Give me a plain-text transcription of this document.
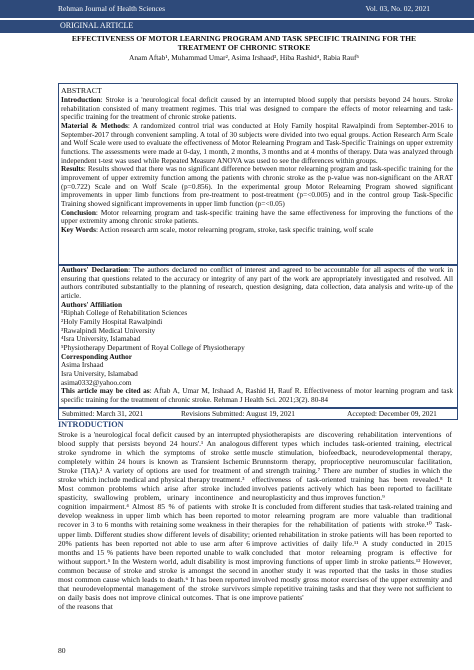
Rehman Journal of Health Sciences	Vol. 03, No. 02, 2021
ORIGINAL ARTICLE
EFFECTIVENESS OF MOTOR LEARNING PROGRAM AND TASK SPECIFIC TRAINING FOR THE TREATMENT OF CHRONIC STROKE
Anam Aftab¹, Muhammad Umar², Asima Irshaad³, Hiba Rashid⁴, Rabia Rauf⁵
ABSTRACT
Introduction: Stroke is a 'neurological focal deficit caused by an interrupted blood supply that persists beyond 24 hours. Stroke rehabilitation consisted of many treatment regimes. This trial was designed to compare the effects of motor relearning and task-specific training for the treatment of chronic stroke patients.
Material & Methods: A randomized control trial was conducted at Holy Family hospital Rawalpindi from September-2016 to September-2017 through convenient sampling. A total of 30 subjects were divided into two equal groups. Action Research Arm Scale and Wolf Scale were used to evaluate the effectiveness of Motor Relearning Program and Task-Specific Trainings on upper extremity functions. The assessments were made at 0-day, 1 month, 2 months, 3 months and at 4 months of therapy. Data was analyzed through independent t-test was used while Repeated Measure ANOVA was used to see the differences within groups.
Results: Results showed that there was no significant difference between motor relearning program and task-specific training for the improvement of upper extremity function among the patients with chronic stroke as the p-value was non-significant on the ARAT (p=0.722) Scale and on Wolf Scale (p=0.856). In the experimental group Motor Relearning Program showed significant improvements in upper limb functions from pre-treatment to post-treatment (p=<0.005) and in the control group Task-Specific Training showed significant improvements in upper limb function (p=<0.05)
Conclusion: Motor relearning program and task-specific training have the same effectiveness for improving the functions of the upper extremity among chronic stroke patients.
Key Words: Action research arm scale, motor relearning program, stroke, task specific training, wolf scale
Authors' Declaration: The authors declared no conflict of interest and agreed to be accountable for all aspects of the work in ensuring that questions related to the accuracy or integrity of any part of the work are appropriately investigated and resolved. All authors contributed substantially to the planning of research, question designing, data collection, data analysis and write-up of the article.
Authors' Affiliation
¹Riphah College of Rehabilitation Sciences
²Holy Family Hospital Rawalpindi
³Rawalpindi Medical University
⁴Isra University, Islamabad
⁵Physiotherapy Department of Royal College of Physiotherapy
Corresponding Author
Asima Irshaad
Isra University, Islamabad
asima0332@yahoo.com
This article may be cited as: Aftab A, Umar M, Irshaad A, Rashid H, Rauf R. Effectiveness of motor learning program and task specific training for the treatment of chronic stroke. Rehman J Health Sci. 2021;3(2). 80-84
Submitted: March 31, 2021	Revisions Submitted: August 19, 2021	Accepted: December 09, 2021
INTRODUCTION

Stroke is a 'neurological focal deficit caused by an interrupted blood supply that persists beyond 24 hours'.¹ An analogous stroke syndrome in which the symptoms of stroke settle completely within 24 hours is known as Transient Ischemic Stroke (TIA).² A variety of options are used for treatment of stroke which include medical and physical therapy treatment.³

Most common problems which arise after stroke included spasticity, swallowing problem, urinary incontinence and cognition impairment.⁴ Almost 85 % of patients with stroke develop weakness in upper limb which has been reported to recover in 3 to 6 months with retaining some weakness in their upper limb. Different studies show different levels of disability; 20% patients has been reported not able to use arm after 6 months and 15 % patients have been reported unable to walk without support.⁵ In the Western world, adult disability is most common because of stroke and stroke is amongst the second most common cause which leads to death.⁶ It has been reported that neurodevelopmental management of the stroke survivors on daily basis does not improve clinical outcomes. That is one of the reasons that

physiotherapists are discovering rehabilitation interventions of different types which includes task-oriented training, electrical muscle stimulation, biofeedback, neurodevelopmental therapy, Brunnstorm therapy, proprioceptive neuromuscular facilitation, and strength training.⁷ There are number of studies in which the effectiveness of task-oriented training has been revealed.⁸ It involves patients actively which has been reported to facilitate neuroplasticity and thus improves function.⁹

It is concluded from different studies that task-related training and motor relearning program are more valuable than traditional therapies for the rehabilitation of patients with stroke.¹⁰ Task-oriented rehabilitation in stroke patients will has been reported to improve activities of daily life.¹¹ A study conducted in 2015 concluded that motor relearning program is effective for improving functions of upper limb in stroke patients.¹² However, in another study it was reported that the tasks in those studies involved mostly gross motor exercises of the upper extremity and simple repetitive training tasks and that they were not sufficient to improve patients'

80
